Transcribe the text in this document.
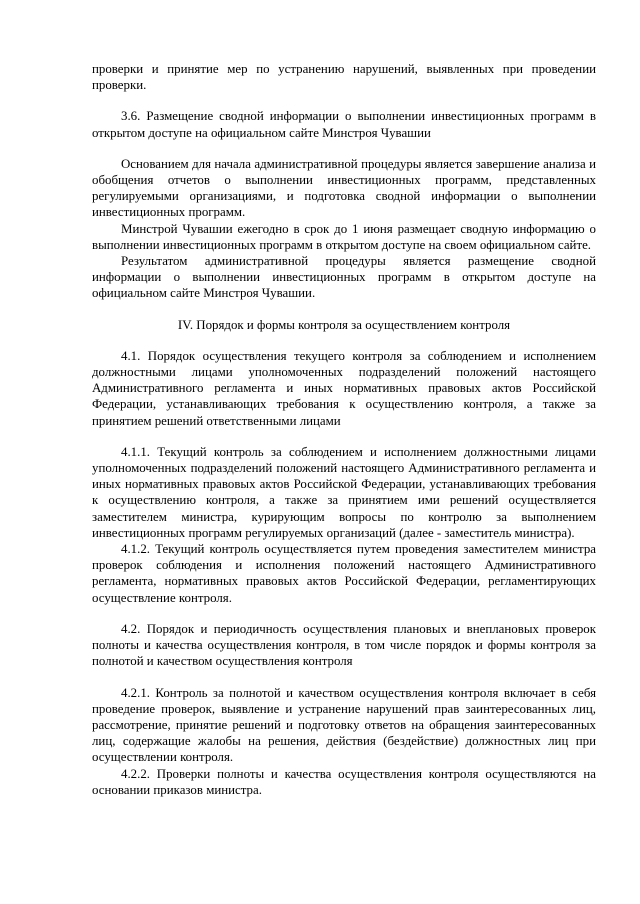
проверки и принятие мер по устранению нарушений, выявленных при проведении проверки.

3.6. Размещение сводной информации о выполнении инвестиционных программ в открытом доступе на официальном сайте Минстроя Чувашии

Основанием для начала административной процедуры является завершение анализа и обобщения отчетов о выполнении инвестиционных программ, представленных регулируемыми организациями, и подготовка сводной информации о выполнении инвестиционных программ.

Минстрой Чувашии ежегодно в срок до 1 июня размещает сводную информацию о выполнении инвестиционных программ в открытом доступе на своем официальном сайте.

Результатом административной процедуры является размещение сводной информации о выполнении инвестиционных программ в открытом доступе на официальном сайте Минстроя Чувашии.

IV. Порядок и формы контроля за осуществлением контроля

4.1. Порядок осуществления текущего контроля за соблюдением и исполнением должностными лицами уполномоченных подразделений положений настоящего Административного регламента и иных нормативных правовых актов Российской Федерации, устанавливающих требования к осуществлению контроля, а также за принятием решений ответственными лицами

4.1.1. Текущий контроль за соблюдением и исполнением должностными лицами уполномоченных подразделений положений настоящего Административного регламента и иных нормативных правовых актов Российской Федерации, устанавливающих требования к осуществлению контроля, а также за принятием ими решений осуществляется заместителем министра, курирующим вопросы по контролю за выполнением инвестиционных программ регулируемых организаций (далее - заместитель министра).

4.1.2. Текущий контроль осуществляется путем проведения заместителем министра проверок соблюдения и исполнения положений настоящего Административного регламента, нормативных правовых актов Российской Федерации, регламентирующих осуществление контроля.

4.2. Порядок и периодичность осуществления плановых и внеплановых проверок полноты и качества осуществления контроля, в том числе порядок и формы контроля за полнотой и качеством осуществления контроля

4.2.1. Контроль за полнотой и качеством осуществления контроля включает в себя проведение проверок, выявление и устранение нарушений прав заинтересованных лиц, рассмотрение, принятие решений и подготовку ответов на обращения заинтересованных лиц, содержащие жалобы на решения, действия (бездействие) должностных лиц при осуществлении контроля.

4.2.2. Проверки полноты и качества осуществления контроля осуществляются на основании приказов министра.
